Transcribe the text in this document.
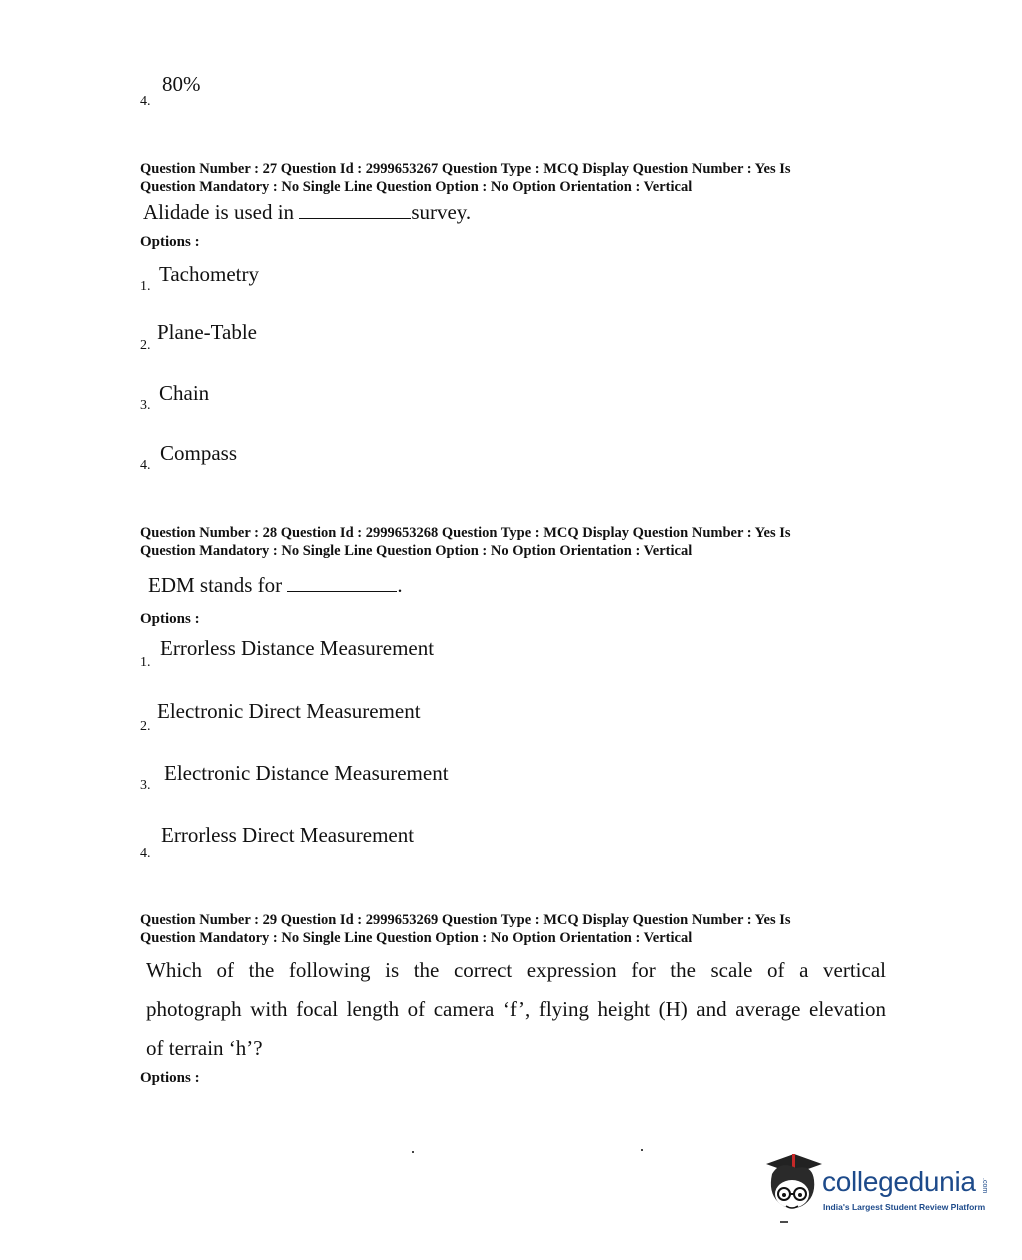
80%
4.
Question Number : 27 Question Id : 2999653267 Question Type : MCQ Display Question Number : Yes Is
Question Mandatory : No Single Line Question Option : No Option Orientation : Vertical
Alidade is used in	survey.
Options :
Tachometry
1.
Plane-Table
2.
Chain
3.
Compass
4.
Question Number : 28 Question Id : 2999653268 Question Type : MCQ Display Question Number : Yes Is
Question Mandatory : No Single Line Question Option : No Option Orientation : Vertical
EDM stands for	.
Options :
Errorless Distance Measurement
1.
Electronic Direct Measurement
2.
Electronic Distance Measurement
3.
Errorless Direct Measurement
4.
Question Number : 29 Question Id : 2999653269 Question Type : MCQ Display Question Number : Yes Is
Question Mandatory : No Single Line Question Option : No Option Orientation : Vertical

Which of the following is the correct expression for the scale of a vertical

photograph with focal length of camera ‘f’, flying height (H) and average elevation

of terrain ‘h’?

Options :
collegedunia .com
India's Largest Student Review Platform
